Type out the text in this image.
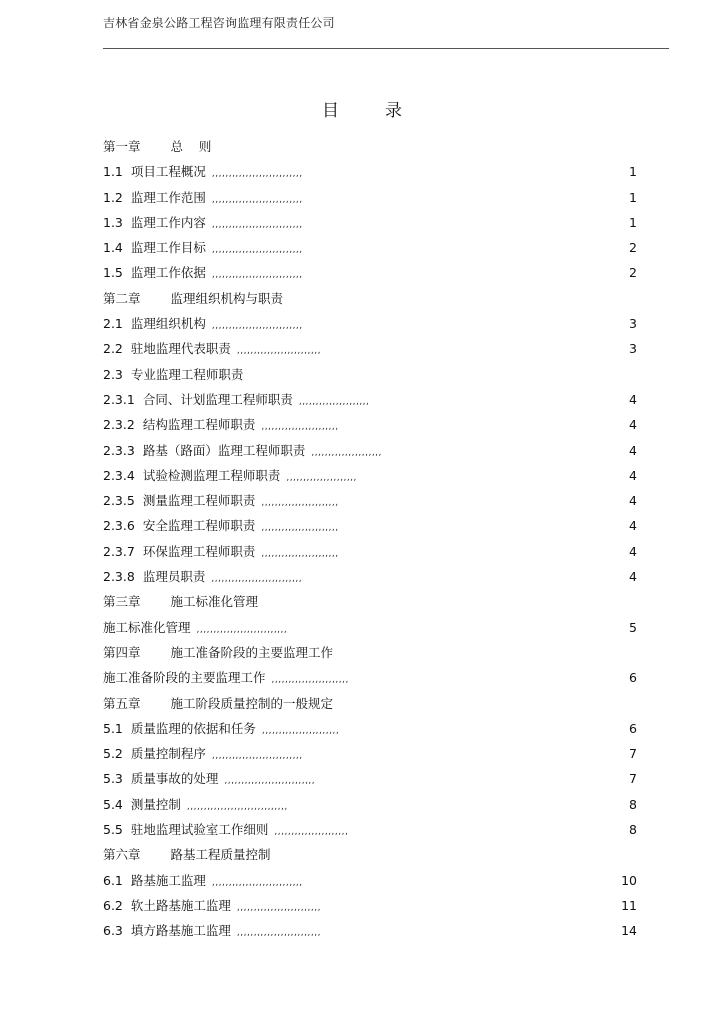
吉林省金泉公路工程咨询监理有限责任公司
目	录
第一章 总    则
1.1 项目工程概况 ,,,,,,,,,,,,,,,,,,,,,,,,,,,	1
1.2 监理工作范围 ,,,,,,,,,,,,,,,,,,,,,,,,,,,	1
1.3 监理工作内容 ,,,,,,,,,,,,,,,,,,,,,,,,,,,	1
1.4 监理工作目标 ,,,,,,,,,,,,,,,,,,,,,,,,,,,	2
1.5 监理工作依据 ,,,,,,,,,,,,,,,,,,,,,,,,,,,	2
第二章 监理组织机构与职责
2.1 监理组织机构 ,,,,,,,,,,,,,,,,,,,,,,,,,,,	3
2.2 驻地监理代表职责 ,,,,,,,,,,,,,,,,,,,,,,,,,	3
2.3 专业监理工程师职责
2.3.1 合同、计划监理工程师职责 ,,,,,,,,,,,,,,,,,,,,,	4
2.3.2 结构监理工程师职责 ,,,,,,,,,,,,,,,,,,,,,,,	4
2.3.3 路基（路面）监理工程师职责 ,,,,,,,,,,,,,,,,,,,,,	4
2.3.4 试验检测监理工程师职责 ,,,,,,,,,,,,,,,,,,,,,	4
2.3.5 测量监理工程师职责 ,,,,,,,,,,,,,,,,,,,,,,,	4
2.3.6 安全监理工程师职责 ,,,,,,,,,,,,,,,,,,,,,,,	4
2.3.7 环保监理工程师职责 ,,,,,,,,,,,,,,,,,,,,,,,	4
2.3.8 监理员职责 ,,,,,,,,,,,,,,,,,,,,,,,,,,,	4
第三章 施工标准化管理
施工标准化管理 ,,,,,,,,,,,,,,,,,,,,,,,,,,,	5
第四章 施工准备阶段的主要监理工作
施工准备阶段的主要监理工作 ,,,,,,,,,,,,,,,,,,,,,,,	6
第五章 施工阶段质量控制的一般规定
5.1 质量监理的依据和任务 ,,,,,,,,,,,,,,,,,,,,,,,	6
5.2 质量控制程序 ,,,,,,,,,,,,,,,,,,,,,,,,,,,	7
5.3 质量事故的处理 ,,,,,,,,,,,,,,,,,,,,,,,,,,,	7
5.4 测量控制 ,,,,,,,,,,,,,,,,,,,,,,,,,,,,,,	8
5.5 驻地监理试验室工作细则 ,,,,,,,,,,,,,,,,,,,,,,	8
第六章 路基工程质量控制
6.1 路基施工监理 ,,,,,,,,,,,,,,,,,,,,,,,,,,,	10
6.2 软土路基施工监理 ,,,,,,,,,,,,,,,,,,,,,,,,,	11
6.3 填方路基施工监理 ,,,,,,,,,,,,,,,,,,,,,,,,,	14
